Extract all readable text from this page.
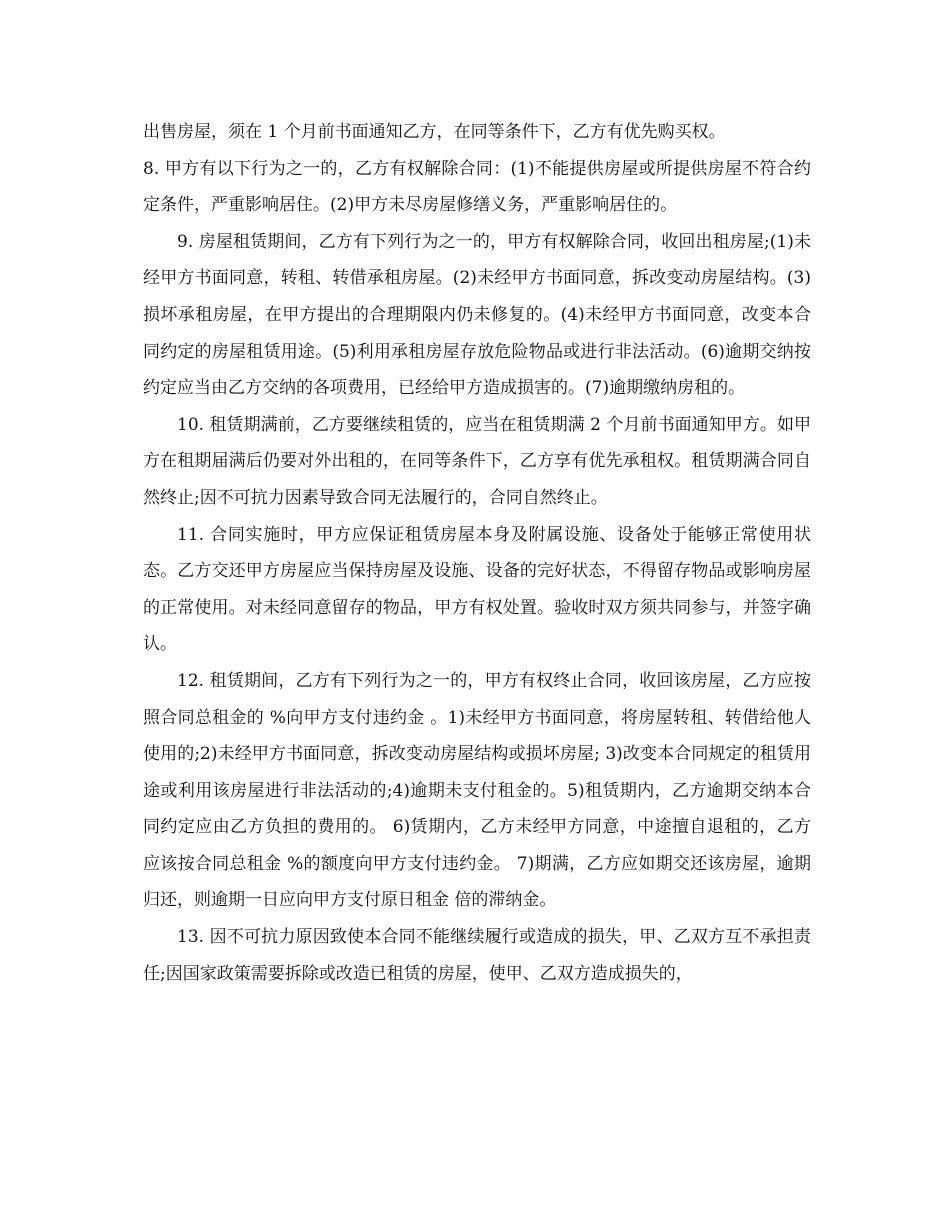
出售房屋，须在 1 个月前书面通知乙方，在同等条件下，乙方有优先购买权。

8. 甲方有以下行为之一的，乙方有权解除合同：(1)不能提供房屋或所提供房屋不符合约定条件，严重影响居住。(2)甲方未尽房屋修缮义务，严重影响居住的。

9. 房屋租赁期间，乙方有下列行为之一的，甲方有权解除合同，收回出租房屋;(1)未经甲方书面同意，转租、转借承租房屋。(2)未经甲方书面同意，拆改变动房屋结构。(3)损坏承租房屋，在甲方提出的合理期限内仍未修复的。(4)未经甲方书面同意，改变本合同约定的房屋租赁用途。(5)利用承租房屋存放危险物品或进行非法活动。(6)逾期交纳按约定应当由乙方交纳的各项费用，已经给甲方造成损害的。(7)逾期缴纳房租的。

10. 租赁期满前，乙方要继续租赁的，应当在租赁期满 2 个月前书面通知甲方。如甲方在租期届满后仍要对外出租的，在同等条件下，乙方享有优先承租权。租赁期满合同自然终止;因不可抗力因素导致合同无法履行的，合同自然终止。

11. 合同实施时，甲方应保证租赁房屋本身及附属设施、设备处于能够正常使用状态。乙方交还甲方房屋应当保持房屋及设施、设备的完好状态，不得留存物品或影响房屋的正常使用。对未经同意留存的物品，甲方有权处置。验收时双方须共同参与，并签字确认。

12. 租赁期间，乙方有下列行为之一的，甲方有权终止合同，收回该房屋，乙方应按照合同总租金的 %向甲方支付违约金 。1)未经甲方书面同意，将房屋转租、转借给他人使用的;2)未经甲方书面同意，拆改变动房屋结构或损坏房屋; 3)改变本合同规定的租赁用途或利用该房屋进行非法活动的;4)逾期未支付租金的。5)租赁期内，乙方逾期交纳本合同约定应由乙方负担的费用的。 6)赁期内，乙方未经甲方同意，中途擅自退租的，乙方应该按合同总租金 %的额度向甲方支付违约金。 7)期满，乙方应如期交还该房屋，逾期归还，则逾期一日应向甲方支付原日租金 倍的滞纳金。

13. 因不可抗力原因致使本合同不能继续履行或造成的损失，甲、乙双方互不承担责任;因国家政策需要拆除或改造已租赁的房屋，使甲、乙双方造成损失的，
